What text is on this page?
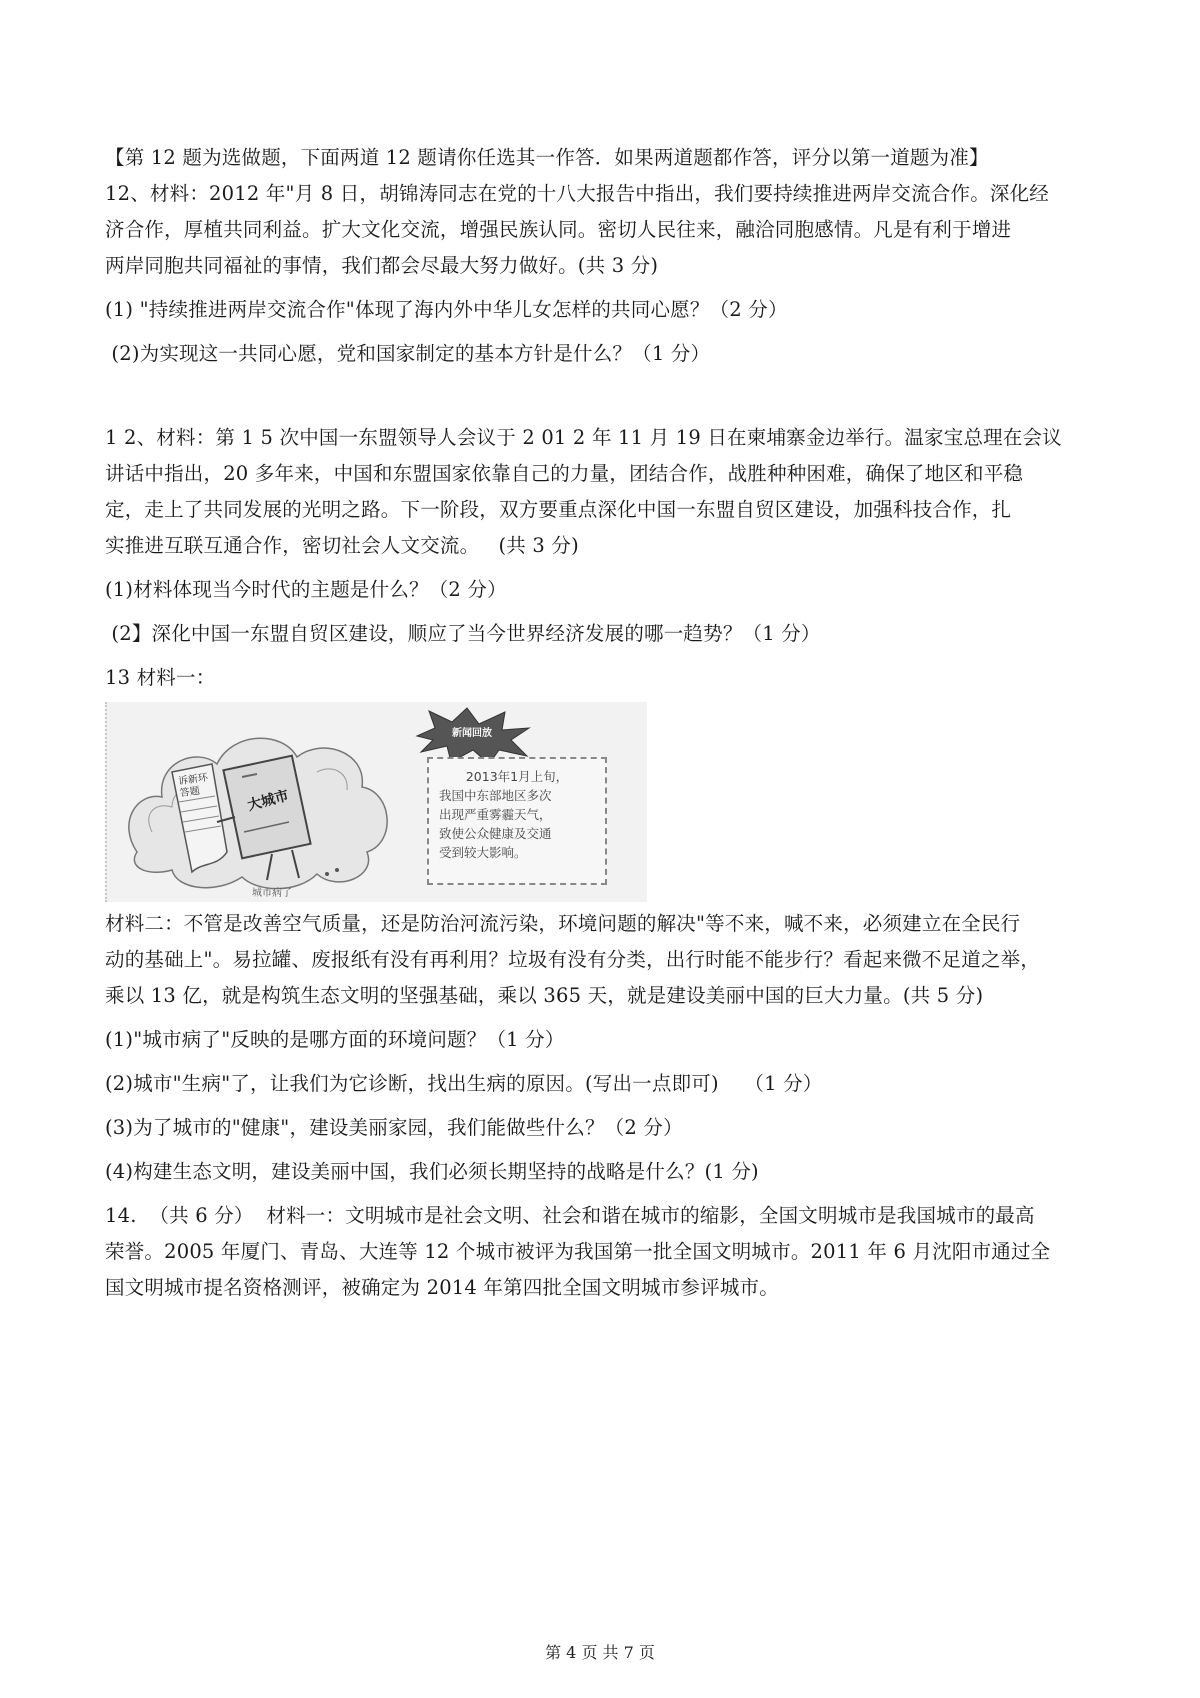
【第 12 题为选做题，下面两道 12 题请你任选其一作答．如果两道题都作答，评分以第一道题为准】
12、材料：2012 年"月 8 日，胡锦涛同志在党的十八大报告中指出，我们要持续推进两岸交流合作。深化经
济合作，厚植共同利益。扩大文化交流，增强民族认同。密切人民往来，融洽同胞感情。凡是有利于增进
两岸同胞共同福祉的事情，我们都会尽最大努力做好。(共 3 分)
(1) "持续推进两岸交流合作"体现了海内外中华儿女怎样的共同心愿？（2 分）
(2)为实现这一共同心愿，党和国家制定的基本方针是什么？（1 分）
1 2、材料：第 1 5 次中国一东盟领导人会议于 2 01 2 年 11 月 19 日在柬埔寨金边举行。温家宝总理在会议
讲话中指出，20 多年来，中国和东盟国家依靠自己的力量，团结合作，战胜种种困难，确保了地区和平稳
定，走上了共同发展的光明之路。下一阶段，双方要重点深化中国一东盟自贸区建设，加强科技合作，扎
实推进互联互通合作，密切社会人文交流。   (共 3 分)
(1)材料体现当今时代的主题是什么？（2 分）
(2】深化中国一东盟自贸区建设，顺应了当今世界经济发展的哪一趋势？（1 分）
13 材料一：
诉新环 答题	大城市
城市病了
新闻回放
2013年1月上旬，
我国中东部地区多次
出现严重雾霾天气，
致使公众健康及交通
受到较大影响。
材料二：不管是改善空气质量，还是防治河流污染，环境问题的解决"等不来，喊不来，必须建立在全民行
动的基础上"。易拉罐、废报纸有没有再利用？垃圾有没有分类，出行时能不能步行？看起来微不足道之举，
乘以 13 亿，就是构筑生态文明的坚强基础，乘以 365 天，就是建设美丽中国的巨大力量。(共 5 分)
(1)"城市病了"反映的是哪方面的环境问题？（1 分）
(2)城市"生病"了，让我们为它诊断，找出生病的原因。(写出一点即可)    （1 分）
(3)为了城市的"健康"，建设美丽家园，我们能做些什么？（2 分）
(4)构建生态文明，建设美丽中国，我们必须长期坚持的战略是什么？(1 分)
14.  （共 6 分）  材料一：文明城市是社会文明、社会和谐在城市的缩影，全国文明城市是我国城市的最高
荣誉。2005 年厦门、青岛、大连等 12 个城市被评为我国第一批全国文明城市。2011 年 6 月沈阳市通过全
国文明城市提名资格测评，被确定为 2014 年第四批全国文明城市参评城市。
第 4 页 共 7 页
